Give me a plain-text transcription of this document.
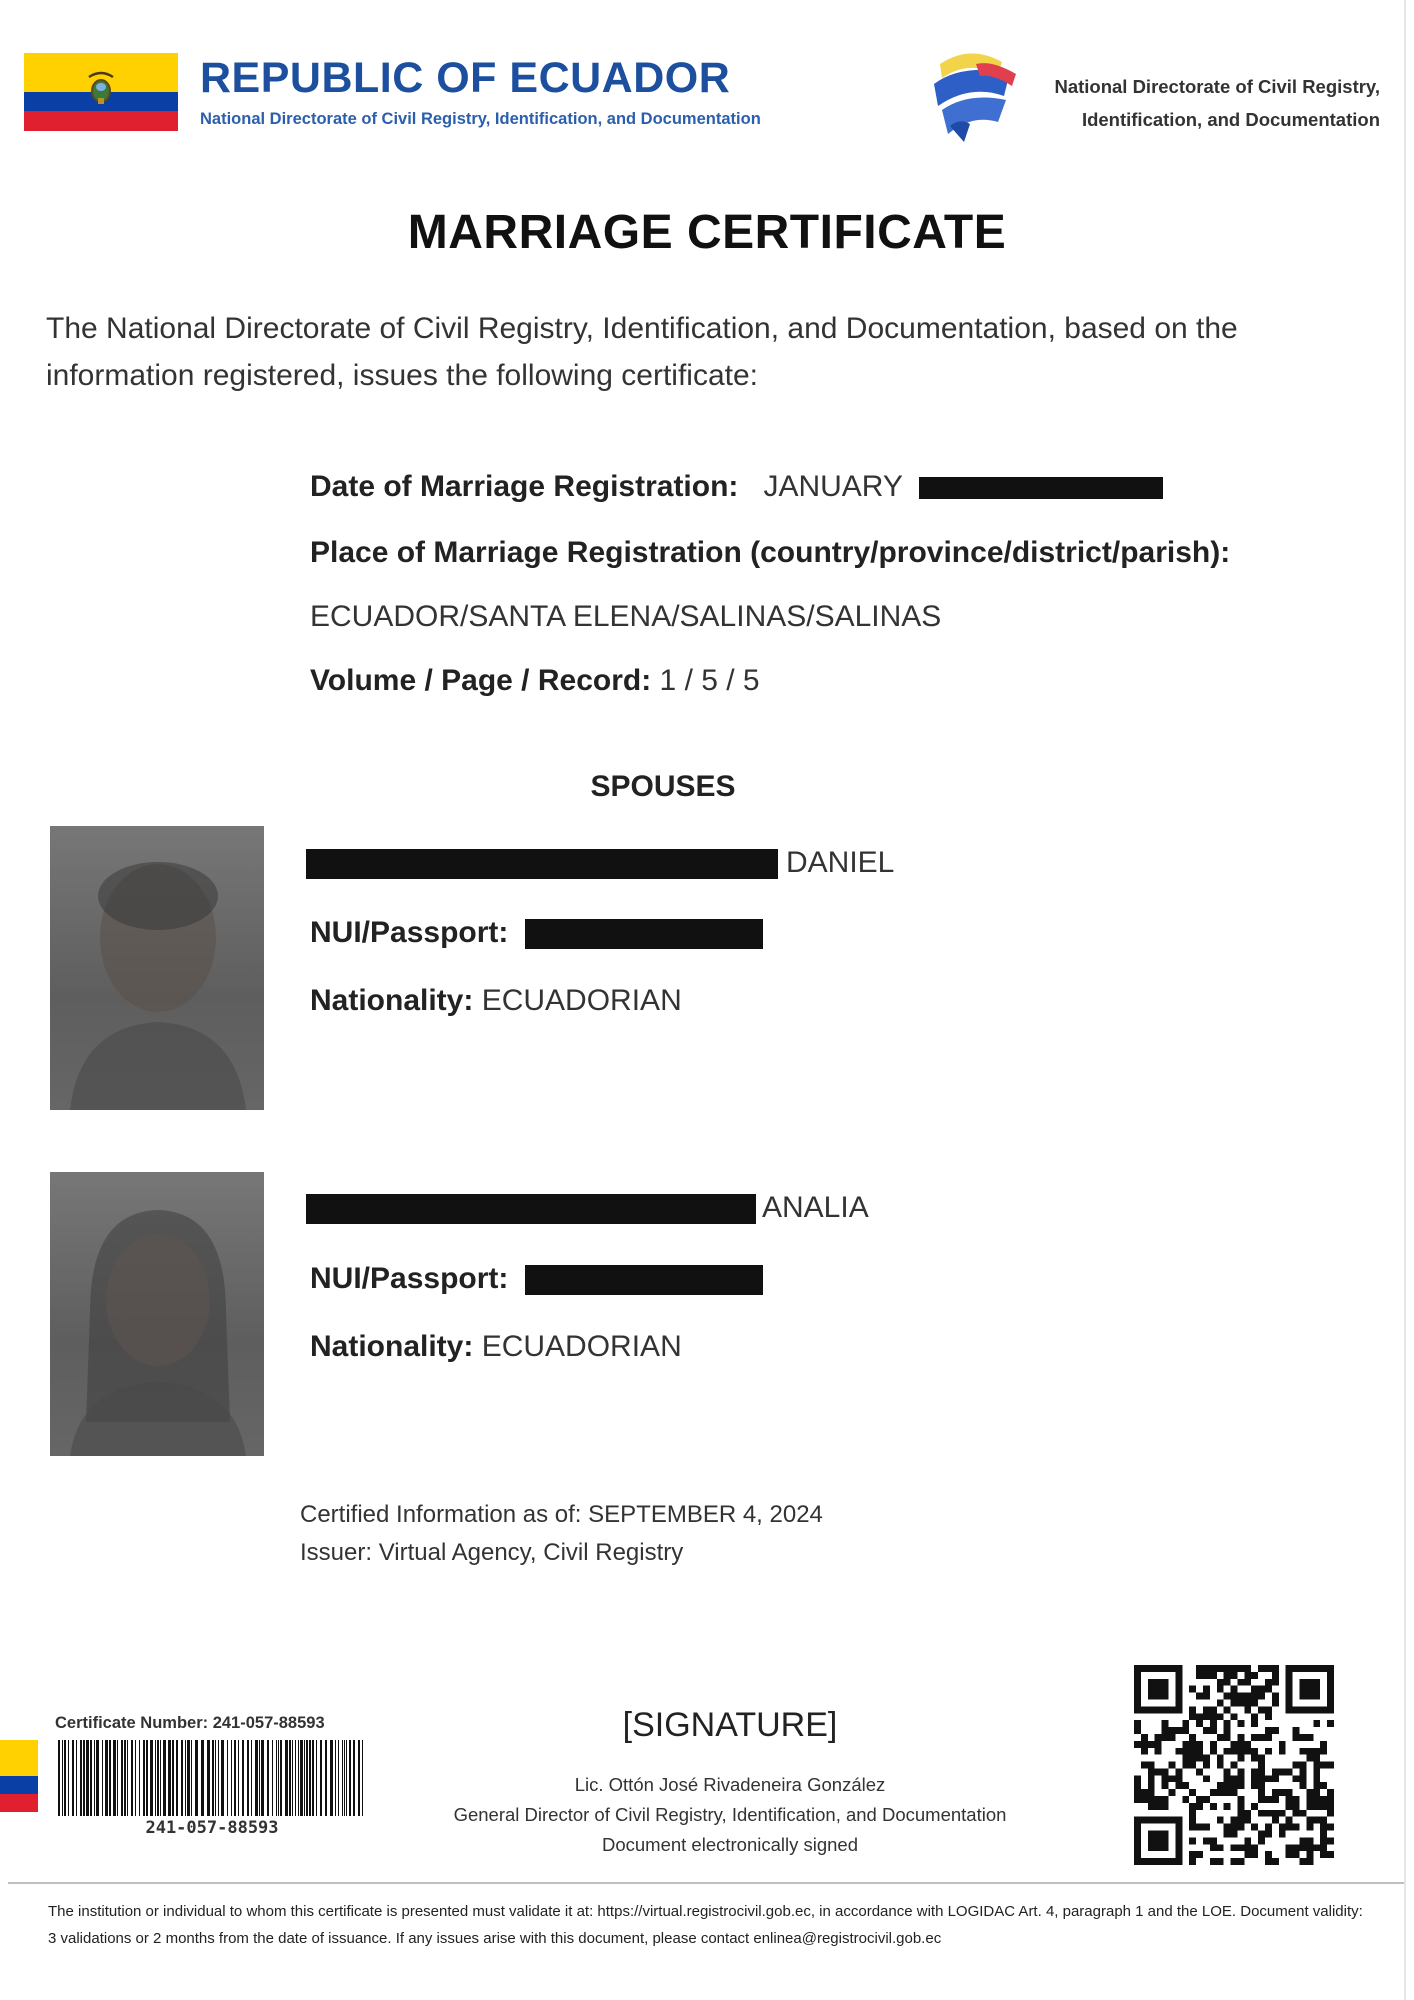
REPUBLIC OF ECUADOR
National Directorate of Civil Registry, Identification, and Documentation
National Directorate of Civil Registry,
Identification, and Documentation
MARRIAGE CERTIFICATE
The National Directorate of Civil Registry, Identification, and Documentation, based on the information registered, issues the following certificate:
Date of Marriage Registration: JANUARY
Place of Marriage Registration (country/province/district/parish):
ECUADOR/SANTA ELENA/SALINAS/SALINAS
Volume / Page / Record: 1 / 5 / 5
SPOUSES
DANIEL
NUI/Passport:
Nationality: ECUADORIAN
ANALIA
NUI/Passport:
Nationality: ECUADORIAN
Certified Information as of: SEPTEMBER 4, 2024
Issuer: Virtual Agency, Civil Registry
Certificate Number: 241-057-88593
241-057-88593
[SIGNATURE]
Lic. Ottón José Rivadeneira González
General Director of Civil Registry, Identification, and Documentation
Document electronically signed
The institution or individual to whom this certificate is presented must validate it at: https://virtual.registrocivil.gob.ec, in accordance with LOGIDAC Art. 4, paragraph 1 and the LOE. Document validity: 3 validations or 2 months from the date of issuance. If any issues arise with this document, please contact enlinea@registrocivil.gob.ec
